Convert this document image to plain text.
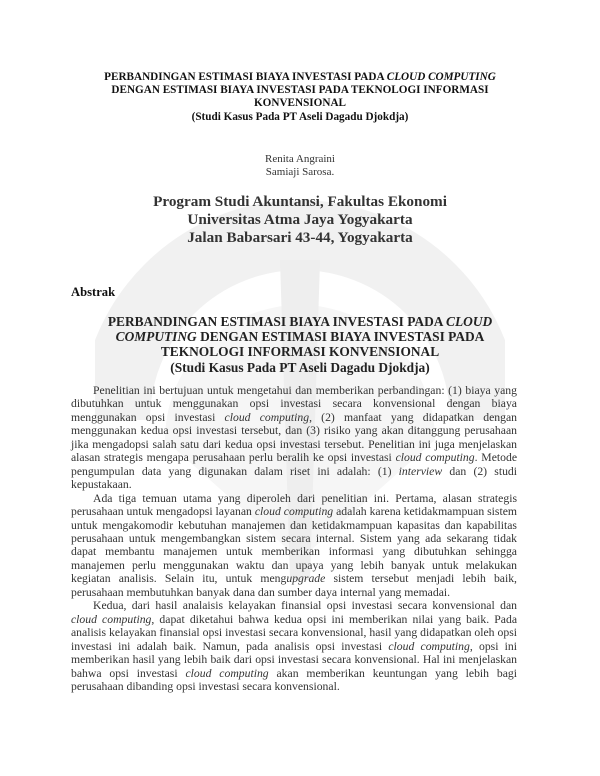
PERBANDINGAN ESTIMASI BIAYA INVESTASI PADA CLOUD COMPUTING
DENGAN ESTIMASI BIAYA INVESTASI PADA TEKNOLOGI INFORMASI
KONVENSIONAL
(Studi Kasus Pada PT Aseli Dagadu Djokdja)
Renita Angraini
Samiaji Sarosa.
Program Studi Akuntansi, Fakultas Ekonomi
Universitas Atma Jaya Yogyakarta
Jalan Babarsari 43-44, Yogyakarta
Abstrak
PERBANDINGAN ESTIMASI BIAYA INVESTASI PADA CLOUD
COMPUTING DENGAN ESTIMASI BIAYA INVESTASI PADA
TEKNOLOGI INFORMASI KONVENSIONAL
(Studi Kasus Pada PT Aseli Dagadu Djokdja)

Penelitian ini bertujuan untuk mengetahui dan memberikan perbandingan: (1) biaya yang dibutuhkan untuk menggunakan opsi investasi secara konvensional dengan biaya menggunakan opsi investasi cloud computing, (2) manfaat yang didapatkan dengan menggunakan kedua opsi investasi tersebut, dan (3) risiko yang akan ditanggung perusahaan jika mengadopsi salah satu dari kedua opsi investasi tersebut. Penelitian ini juga menjelaskan alasan strategis mengapa perusahaan perlu beralih ke opsi investasi cloud computing. Metode pengumpulan data yang digunakan dalam riset ini adalah: (1) interview dan (2) studi kepustakaan.

Ada tiga temuan utama yang diperoleh dari penelitian ini. Pertama, alasan strategis perusahaan untuk mengadopsi layanan cloud computing adalah karena ketidakmampuan sistem untuk mengakomodir kebutuhan manajemen dan ketidakmampuan kapasitas dan kapabilitas perusahaan untuk mengembangkan sistem secara internal. Sistem yang ada sekarang tidak dapat membantu manajemen untuk memberikan informasi yang dibutuhkan sehingga manajemen perlu menggunakan waktu dan upaya yang lebih banyak untuk melakukan kegiatan analisis. Selain itu, untuk mengupgrade sistem tersebut menjadi lebih baik, perusahaan membutuhkan banyak dana dan sumber daya internal yang memadai.

Kedua, dari hasil analaisis kelayakan finansial opsi investasi secara konvensional dan cloud computing, dapat diketahui bahwa kedua opsi ini memberikan nilai yang baik. Pada analisis kelayakan finansial opsi investasi secara konvensional, hasil yang didapatkan oleh opsi investasi ini adalah baik. Namun, pada analisis opsi investasi cloud computing, opsi ini memberikan hasil yang lebih baik dari opsi investasi secara konvensional. Hal ini menjelaskan bahwa opsi investasi cloud computing akan memberikan keuntungan yang lebih bagi perusahaan dibanding opsi investasi secara konvensional.
